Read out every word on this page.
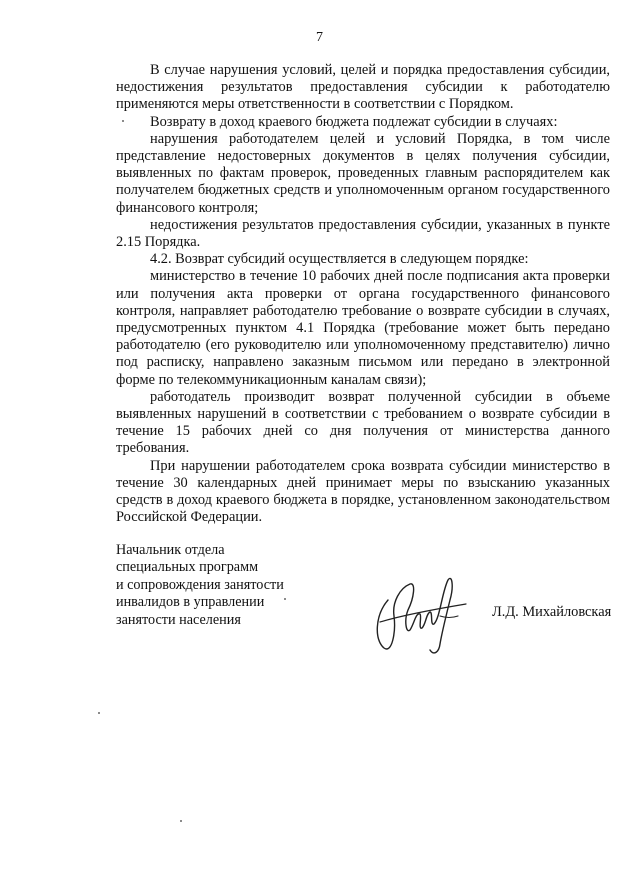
7

В случае нарушения условий, целей и порядка предоставления субсидии, недостижения результатов предоставления субсидии к работодателю применяются меры ответственности в соответствии с Порядком.

Возврату в доход краевого бюджета подлежат субсидии в случаях:

нарушения работодателем целей и условий Порядка, в том числе представление недостоверных документов в целях получения субсидии, выявленных по фактам проверок, проведенных главным распорядителем как получателем бюджетных средств и уполномоченным органом государственного финансового контроля;

недостижения результатов предоставления субсидии, указанных в пункте 2.15 Порядка.

4.2. Возврат субсидий осуществляется в следующем порядке:

министерство в течение 10 рабочих дней после подписания акта проверки или получения акта проверки от органа государственного финансового контроля, направляет работодателю требование о возврате субсидии в случаях, предусмотренных пунктом 4.1 Порядка (требование может быть передано работодателю (его руководителю или уполномоченному представителю) лично под расписку, направлено заказным письмом или передано в электронной форме по телекоммуникационным каналам связи);

работодатель производит возврат полученной субсидии в объеме выявленных нарушений в соответствии с требованием о возврате субсидии в течение 15 рабочих дней со дня получения от министерства данного требования.

При нарушении работодателем срока возврата субсидии министерство в течение 30 календарных дней принимает меры по взысканию указанных средств в доход краевого бюджета в порядке, установленном законодательством Российской Федерации.

Начальник отдела
специальных программ
и сопровождения занятости
инвалидов в управлении
занятости населения	Л.Д. Михайловская
